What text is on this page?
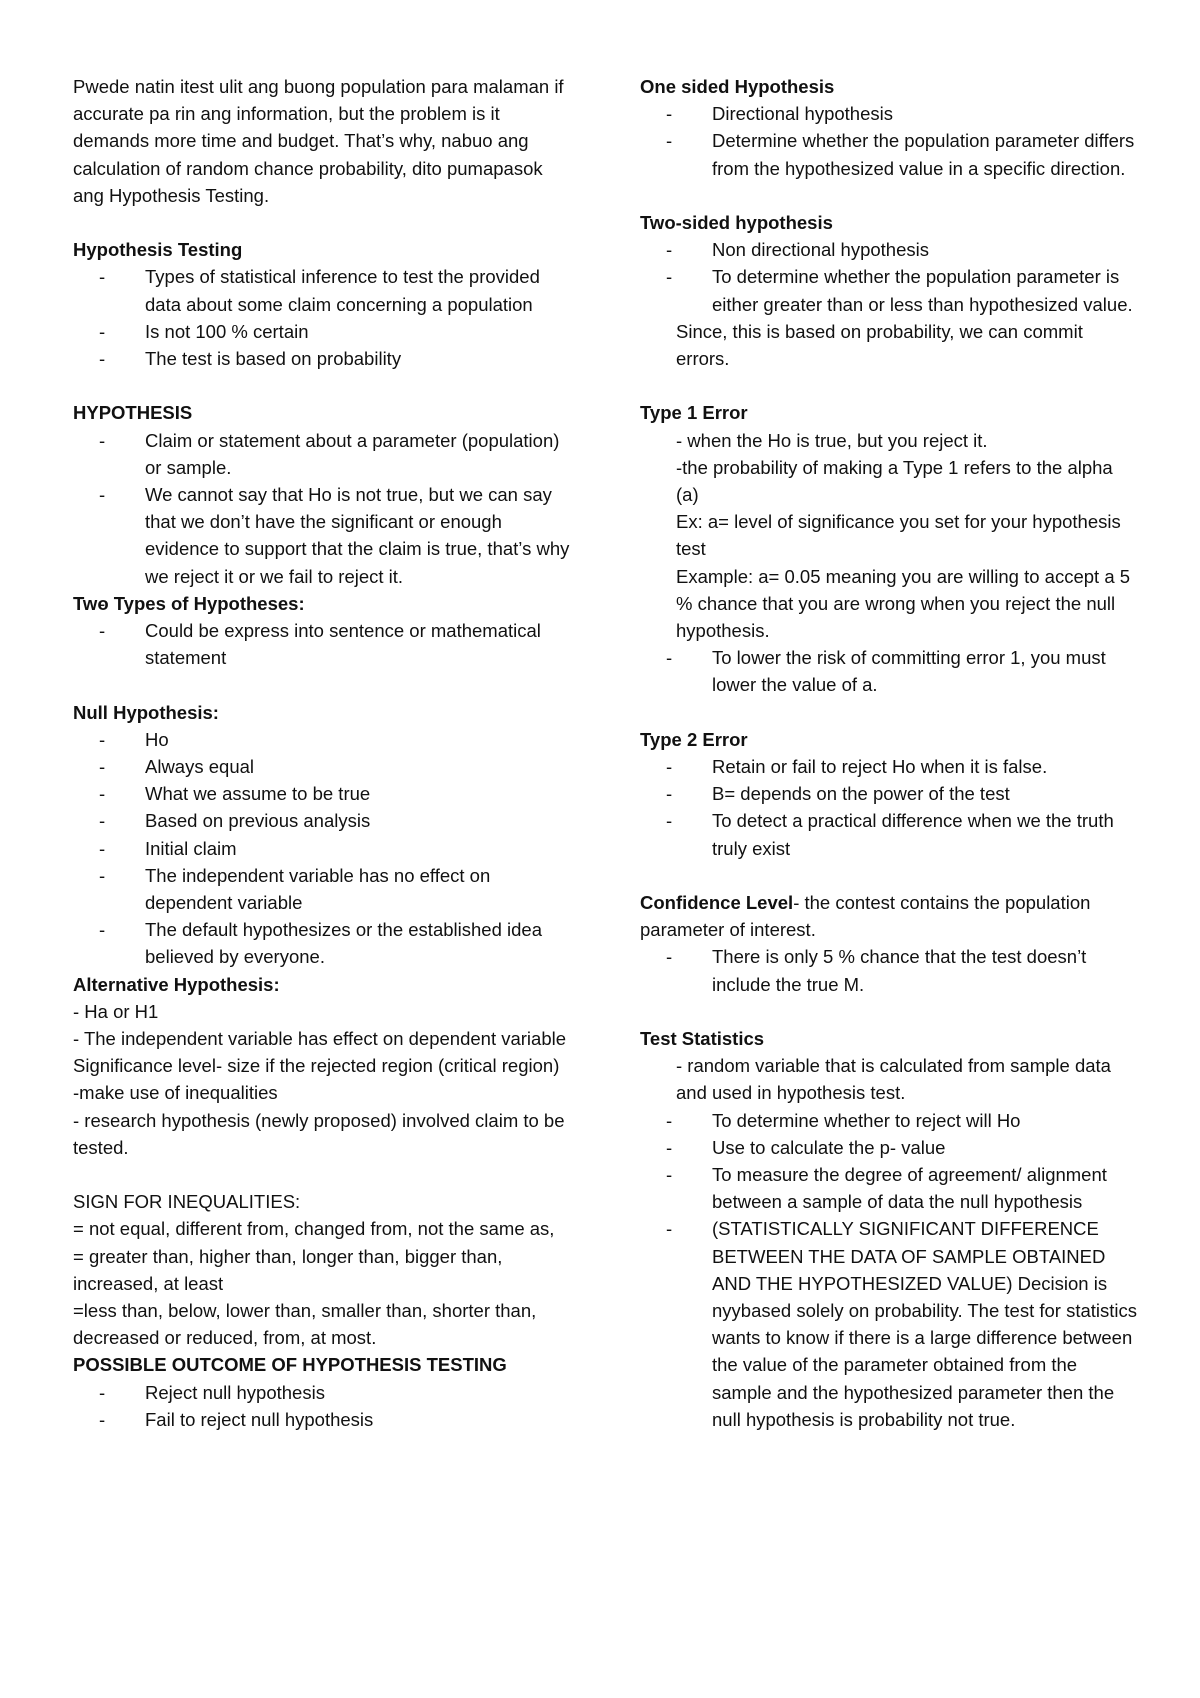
Pwede natin itest ulit ang buong population para malaman if accurate pa rin ang information, but the problem is it demands more time and budget. That’s why, nabuo ang calculation of random chance probability, dito pumapasok ang Hypothesis Testing.

Hypothesis Testing
- Types of statistical inference to test the provided data about some claim concerning a population
- Is not 100 % certain
- The test is based on probability
HYPOTHESIS
- Claim or statement about a parameter (population) or sample.
- We cannot say that Ho is not true, but we can say that we don’t have the significant or enough evidence to support that the claim is true, that’s why we reject it or we fail to reject it.
Two Types of Hypotheses:
- Could be express into sentence or mathematical statement
Null Hypothesis:
- Ho
- Always equal
- What we assume to be true
- Based on previous analysis
- Initial claim
- The independent variable has no effect on dependent variable
- The default hypothesizes or the established idea believed by everyone.
Alternative Hypothesis:
- Ha or H1
- The independent variable has effect on dependent variable
Significance level- size if the rejected region (critical region)
-make use of inequalities
- research hypothesis (newly proposed) involved claim to be tested.
SIGN FOR INEQUALITIES:
= not equal, different from, changed from, not the same as,
= greater than, higher than, longer than, bigger than, increased, at least
=less than, below, lower than, smaller than, shorter than, decreased or reduced, from, at most.
POSSIBLE OUTCOME OF HYPOTHESIS TESTING
- Reject null hypothesis
- Fail to reject null hypothesis
One sided Hypothesis
- Directional hypothesis
- Determine whether the population parameter differs from the hypothesized value in a specific direction.
Two-sided hypothesis
- Non directional hypothesis
- To determine whether the population parameter is either greater than or less than hypothesized value.
Since, this is based on probability, we can commit errors.
Type 1 Error
- when the Ho is true, but you reject it.
-the probability of making a Type 1 refers to the alpha (a)
Ex: a= level of significance you set for your hypothesis test
Example: a= 0.05 meaning you are willing to accept a 5 % chance that you are wrong when you reject the null hypothesis.
- To lower the risk of committing error 1, you must lower the value of a.
Type 2 Error
- Retain or fail to reject Ho when it is false.
- B= depends on the power of the test
- To detect a practical difference when we the truth truly exist
Confidence Level- the contest contains the population parameter of interest.
- There is only 5 % chance that the test doesn’t include the true M.
Test Statistics
- random variable that is calculated from sample data and used in hypothesis test.
- To determine whether to reject will Ho
- Use to calculate the p- value
- To measure the degree of agreement/ alignment between a sample of data the null hypothesis
- (STATISTICALLY SIGNIFICANT DIFFERENCE BETWEEN THE DATA OF SAMPLE OBTAINED AND THE HYPOTHESIZED VALUE) Decision is nyybased solely on probability. The test for statistics wants to know if there is a large difference between the value of the parameter obtained from the sample and the hypothesized parameter then the null hypothesis is probability not true.
